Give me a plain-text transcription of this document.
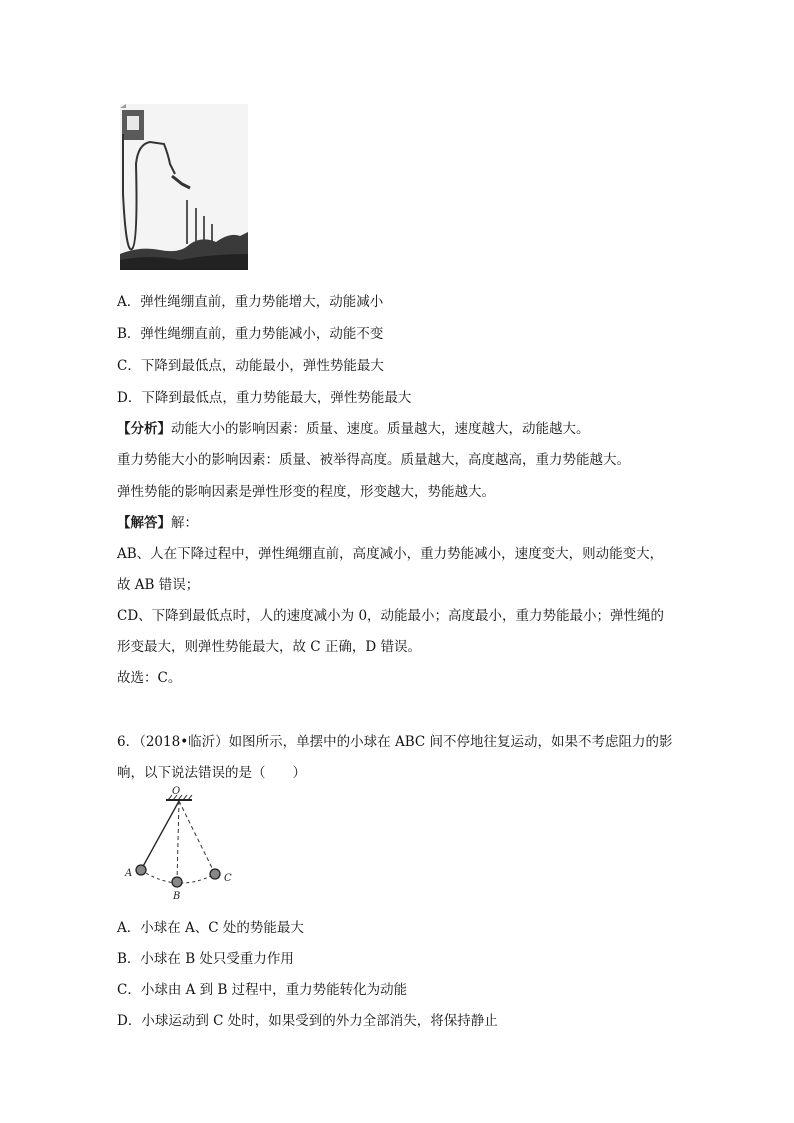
A．弹性绳绷直前，重力势能增大，动能减小
B．弹性绳绷直前，重力势能减小，动能不变
C．下降到最低点，动能最小，弹性势能最大
D．下降到最低点，重力势能最大，弹性势能最大
【分析】动能大小的影响因素：质量、速度。质量越大，速度越大，动能越大。
重力势能大小的影响因素：质量、被举得高度。质量越大，高度越高，重力势能越大。
弹性势能的影响因素是弹性形变的程度，形变越大，势能越大。
【解答】解：
AB、人在下降过程中，弹性绳绷直前，高度减小，重力势能减小，速度变大，则动能变大，
故 AB 错误；
CD、下降到最低点时，人的速度减小为 0，动能最小；高度最小，重力势能最小；弹性绳的
形变最大，则弹性势能最大，故 C 正确，D 错误。
故选：C。
6．（2018•临沂）如图所示，单摆中的小球在 ABC 间不停地往复运动，如果不考虑阻力的影
响，以下说法错误的是（　　）
O
A
B
C
A．小球在 A、C 处的势能最大
B．小球在 B 处只受重力作用
C．小球由 A 到 B 过程中，重力势能转化为动能
D．小球运动到 C 处时，如果受到的外力全部消失，将保持静止
